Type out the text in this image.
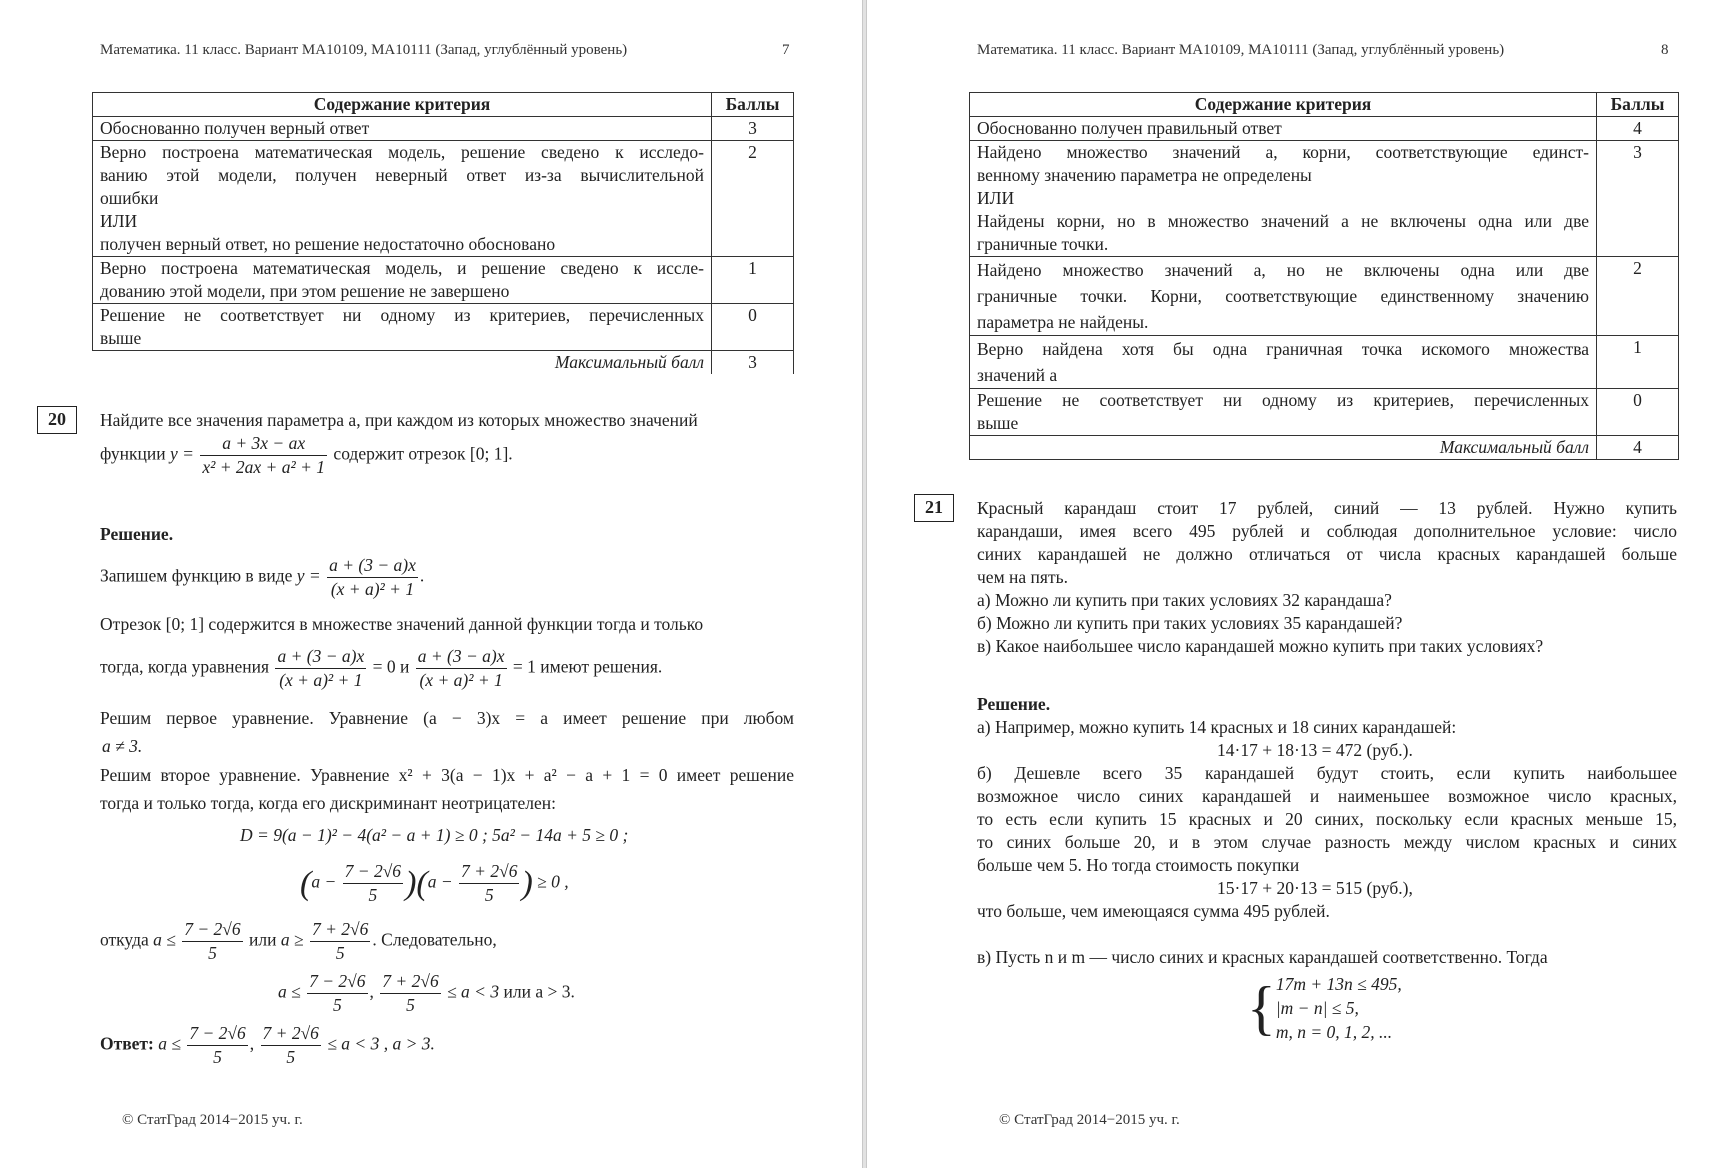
Математика. 11 класс. Вариант МА10109, МА10111 (Запад, углублённый уровень)	7
Содержание критерия	Баллы
Обоснованно получен верный ответ	3

Верно построена математическая модель, решение сведено к исследо-
ванию этой модели, получен неверный ответ из-за вычислительной
ошибки
ИЛИ
получен верный ответ, но решение недостаточно обосновано	2

Верно построена математическая модель, и решение сведено к иссле-
дованию этой модели, при этом решение не завершено	1

Решение не соответствует ни одному из критериев, перечисленных
выше	0
Максимальный балл	3
20	Найдите все значения параметра a, при каждом из которых множество значений
функции $y = \frac{a + 3x - ax}{\text{x² + 2ax + a² + 1}}$ содержит отрезок [0; 1].
Решение.
Запишем функцию в виде $y = \frac{a + (3 - a)x}{\text{(x + a)² + 1}}$ .
Отрезок [0; 1] содержится в множестве значений данной функции тогда и только
тогда, когда уравнения $\frac{a + (3 - a)x}{\text{(x + a)² + 1}} = 0$ и $\frac{a + (3 - a)x}{\text{(x + a)² + 1}} = 1$ имеют решения.
Решим первое уравнение. Уравнение (a − 3)x = a имеет решение при любом
a ≠ 3.
Решим второе уравнение. Уравнение x² + 3(a − 1)x + a² − a + 1 = 0 имеет решение
тогда и только тогда, когда его дискриминант неотрицателен:
D = 9(a − 1)² − 4(a² − a + 1) ≥ 0 ; 5a² − 14a + 5 ≥ 0 ;
$(a - \frac{7 - 2√6}{5} )(a - \frac{7 + 2√6}{5}$ ) ≥ 0 ,
откуда $a \le \frac{7 - 2√6}{5}$ или $a \ge \frac{7 + 2√6}{5}$ . Следовательно,
$a \le \frac{7 - 2√6}{5}$ , $\frac{7 + 2√6}{5} \le a < 3$ или a > 3.
Ответ: $a \le \frac{7 - 2√6}{5}$ , $\frac{7 + 2√6}{5} \le a < 3$ , a > 3.
© СтатГрад 2014−2015 уч. г.
Математика. 11 класс. Вариант МА10109, МА10111 (Запад, углублённый уровень)	8
Содержание критерия	Баллы
Обоснованно получен правильный ответ	4

Найдено множество значений a, корни, соответствующие единст-
венному значению параметра не определены
ИЛИ
Найдены корни, но в множество значений a не включены одна или две
граничные точки.	3

Найдено множество значений a, но не включены одна или две
граничные точки. Корни, соответствующие единственному значению
параметра не найдены.	2

Верно найдена хотя бы одна граничная точка искомого множества
значений a	1

Решение не соответствует ни одному из критериев, перечисленных
выше	0
Максимальный балл	4
21	Красный карандаш стоит 17 рублей, синий — 13 рублей. Нужно купить
карандаши, имея всего 495 рублей и соблюдая дополнительное условие: число
синих карандашей не должно отличаться от числа красных карандашей больше
чем на пять.
а) Можно ли купить при таких условиях 32 карандаша?
б) Можно ли купить при таких условиях 35 карандашей?
в) Какое наибольшее число карандашей можно купить при таких условиях?
Решение.
а) Например, можно купить 14 красных и 18 синих карандашей:
14·17 + 18·13 = 472 (руб.).
б) Дешевле всего 35 карандашей будут стоить, если купить наибольшее
возможное число синих карандашей и наименьшее возможное число красных,
то есть если купить 15 красных и 20 синих, поскольку если красных меньше 15,
то синих больше 20, и в этом случае разность между числом красных и синих
больше чем 5. Но тогда стоимость покупки
15·17 + 20·13 = 515 (руб.),
что больше, чем имеющаяся сумма 495 рублей.
в) Пусть n и m — число синих и красных карандашей соответственно. Тогда
{ 17m + 13n ≤ 495,
|m − n| ≤ 5,
m, n = 0, 1, 2, ...
© СтатГрад 2014−2015 уч. г.
